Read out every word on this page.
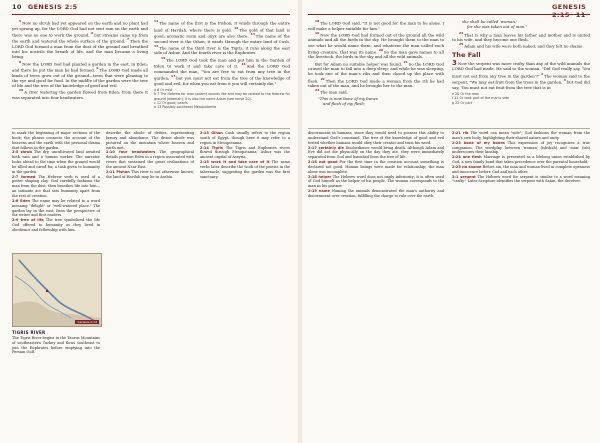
10 GENESIS 2:5

$^5$Now no shrub had yet appeared on the earth and no plant had yet sprung up, for the LORD God had not sent rain on the earth and there was no one to work the ground, $^6$but streams came up from the earth and watered the whole surface of the ground. $^7$Then the LORD God formed a man from the dust of the ground and breathed into his nostrils the breath of life, and the man became a living being.

$^8$Now the LORD God had planted a garden in the east, in Eden; and there he put the man he had formed. $^9$The LORD God made all kinds of trees grow out of the ground—trees that were pleasing to the eye and good for food. In the middle of the garden were the tree of life and the tree of the knowledge of good and evil.

$^{10}$A river watering the garden flowed from Eden; from there it was separated into four headwaters.

$^{11}$The name of the first is the Pishon; it winds through the entire land of Havilah, where there is gold. $^{12}$The gold of that land is good; aromatic resin and onyx are also there. $^{13}$The name of the second river is the Gihon; it winds through the entire land of Cush. $^{14}$The name of the third river is the Tigris; it runs along the east side of Ashur. And the fourth river is the Euphrates.

$^{15}$The LORD God took the man and put him in the Garden of Eden to work it and take care of it. $^{16}$And the LORD God commanded the man, "You are free to eat from any tree in the garden; $^{17}$but you must not eat from the tree of the knowledge of good and evil, for when you eat from it you will certainly die."

a 6 Or mist
b 7 The Hebrew for man (adam) sounds like and may be related to the Hebrew for ground (adamah); it is also the name Adam (see verse 20).
c 12 Or good; pearls
d 13 Possibly southeast Mesopotamia

to mark the beginning of major sections of the book; the phrase connects the account of the heavens and the earth with the personal drama that follows in the garden.

2:5 shrub The dry, uncultivated land awaited both rain and a human worker. The narrator looks ahead to the time when the ground would be tilled and cared for, a task given to humanity in the garden.

2:7 formed The Hebrew verb is used of a potter shaping clay. God carefully fashions the man from the dust, then breathes life into him—an intimate act that sets humanity apart from the rest of creation.

2:8 Eden The name may be related to a word meaning "delight" or "well-watered place." The garden lay in the east, from the perspective of the writer and first readers.

2:9 tree of life The tree symbolized the life God offered to humanity as they lived in obedience and fellowship with him.

Genesis 2:14
TIGRIS RIVER
The Tigris River begins in the Taurus Mountains of southeastern Turkey and flows southeast to join the Euphrates before emptying into the Persian Gulf.

describe the abode of deities, representing luxury and abundance. The divine abode was pictured on the mountain where heaven and earth met.

2:10 four headwaters The geographical details position Eden in a region associated with rivers that sustained the great civilizations of the ancient Near East.

2:11 Pishon This river is not otherwise known; the land of Havilah may lie in Arabia.

2:13 Gihon Cush usually refers to the region south of Egypt, though here it may refer to a region in Mesopotamia.

2:14 Tigris The Tigris and Euphrates rivers flowed through Mesopotamia; Ashur was the ancient capital of Assyria.

2:15 work it and take care of it The same verbs later describe the work of the priests in the tabernacle, suggesting the garden was the first sanctuary.

GENESIS 2:15 11

$^{18}$The LORD God said, "It is not good for the man to be alone. I will make a helper suitable for him."

$^{19}$Now the LORD God had formed out of the ground all the wild animals and all the birds in the sky. He brought them to the man to see what he would name them; and whatever the man called each living creature, that was its name. $^{20}$So the man gave names to all the livestock, the birds in the sky and all the wild animals.

But for Adam no suitable helper was found. $^{21}$So the LORD God caused the man to fall into a deep sleep; and while he was sleeping, he took one of the man's ribs and then closed up the place with flesh. $^{22}$Then the LORD God made a woman from the rib he had taken out of the man, and he brought her to the man.

$^{23}$The man said,

"This is now bone of my bones
and flesh of my flesh;
she shall be called 'woman,'
for she was taken out of man."

$^{24}$That is why a man leaves his father and mother and is united to his wife, and they become one flesh.

$^{25}$Adam and his wife were both naked, and they felt no shame.

The Fall

3Now the serpent was more crafty than any of the wild animals the LORD God had made. He said to the woman, "Did God really say, 'You must not eat from any tree in the garden'?" $^2$The woman said to the serpent, "We may eat fruit from the trees in the garden, $^3$but God did say, 'You must not eat fruit from the tree that is in

e 20 Or the man
f 21 Or took part of the man's side
g 22 Or part

discernment in humans, since they would need to possess this ability to understand God's command. The tree of the knowledge of good and evil tested whether humans would obey their creator and trust his word.

2:17 certainly die Disobedience would bring death. Although Adam and Eve did not die physically on the day they ate, they were immediately separated from God and banished from the tree of life.

2:18 not good For the first time in the creation account something is declared not good. Human beings were made for relationship; the man alone was incomplete.

2:18 helper The Hebrew word does not imply inferiority; it is often used of God himself as the helper of his people. The woman corresponds to the man as his partner.

2:19 name Naming the animals demonstrated the man's authority and discernment over creation, fulfilling the charge to rule over the earth.

2:21 rib The word can mean "side"; God fashions the woman from the man's own body, highlighting their shared nature and unity.

2:23 bone of my bones This expression of joy recognizes a true companion. The wordplay between 'woman' (ishshah) and 'man' (ish) underscores their kinship.

2:24 one flesh Marriage is presented as a lifelong union established by God, a new family bond that takes precedence over the parental household.

2:25 no shame Before sin, the man and woman lived in complete openness and innocence before God and each other.

3:1 serpent The Hebrew word for serpent is similar to a word meaning "crafty." Later Scripture identifies the serpent with Satan, the deceiver.
